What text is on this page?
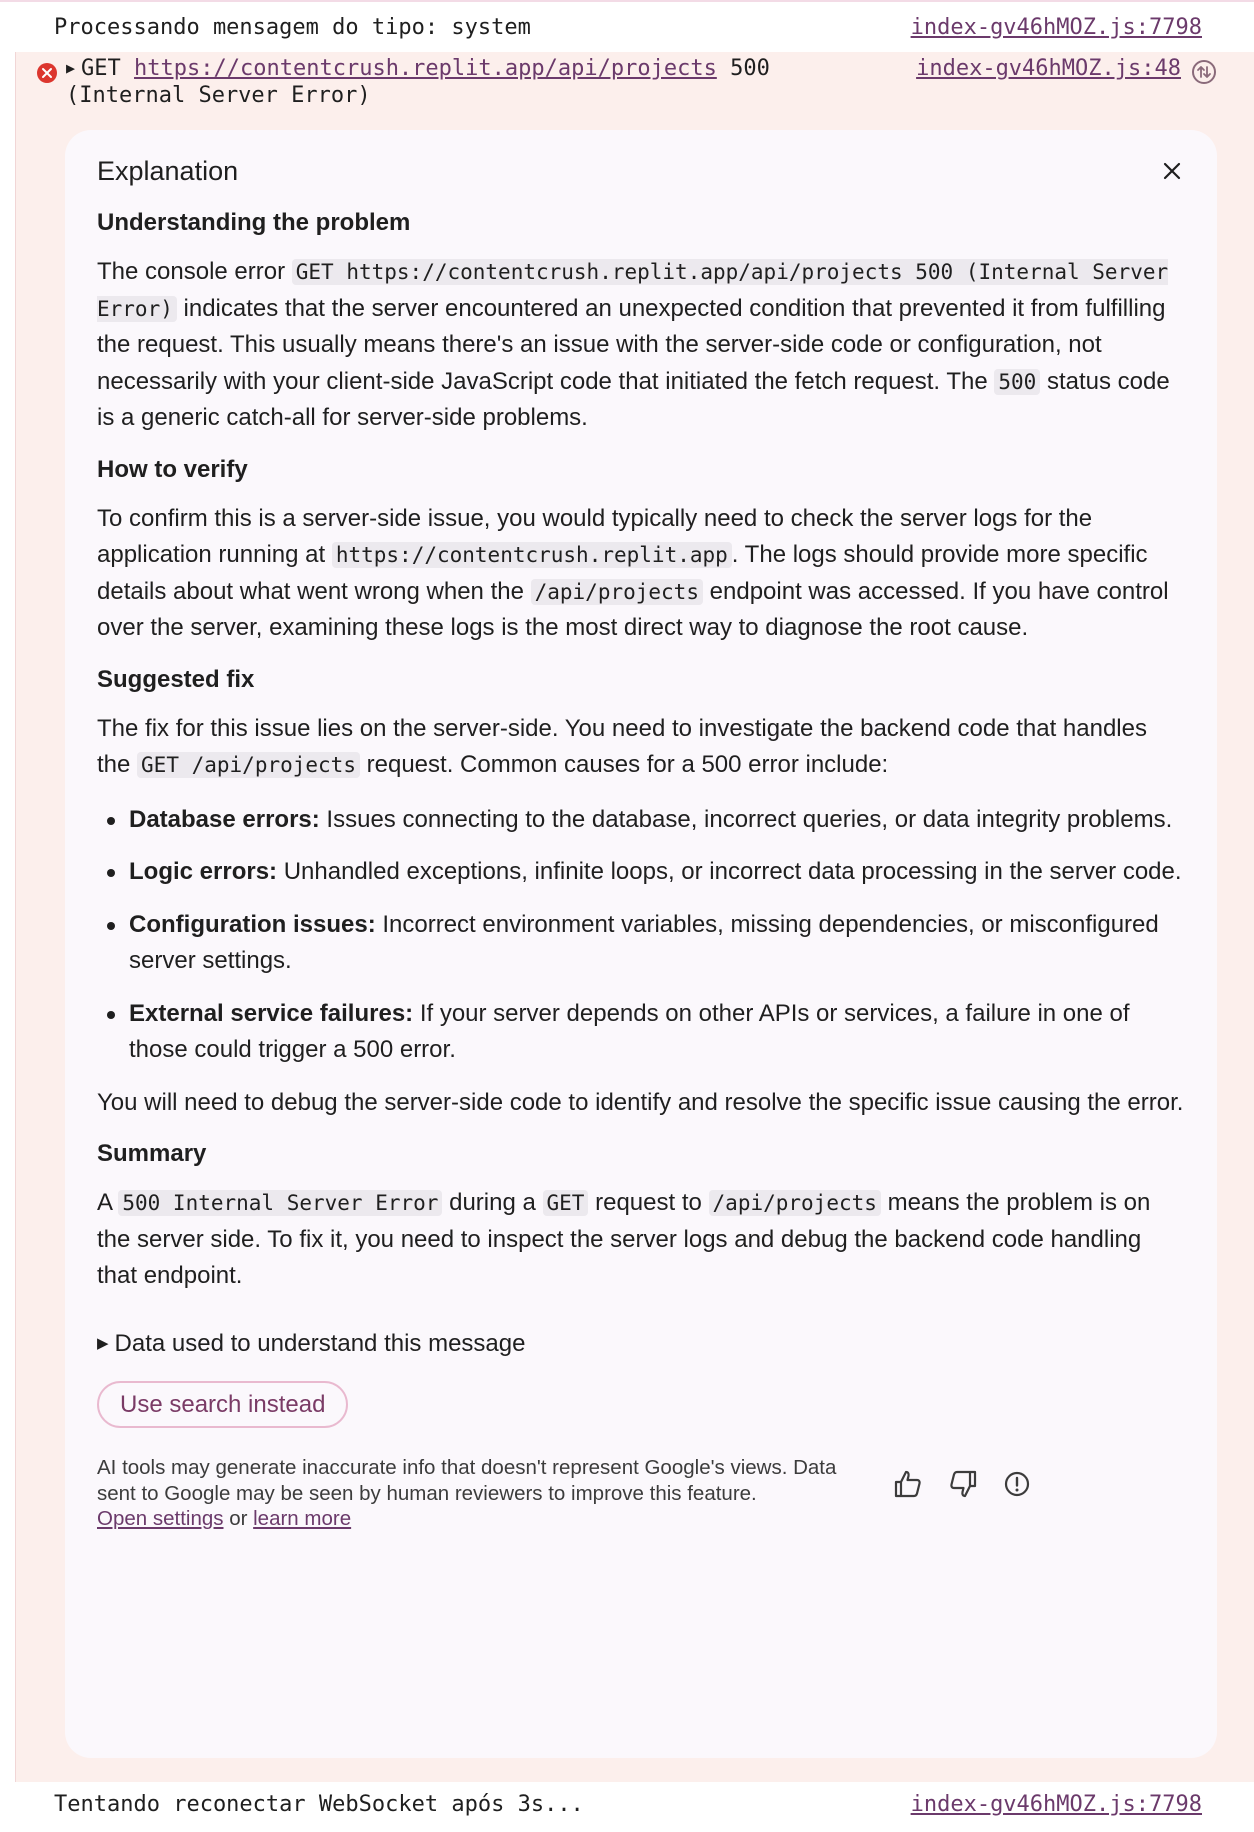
Processando mensagem do tipo: system	index-gv46hMOZ.js:7798
▶ GET https://contentcrush.replit.app/api/projects 500
(Internal Server Error)
index-gv46hMOZ.js:48
Explanation
Understanding the problem

The console error GET https://contentcrush.replit.app/api/projects 500 (Internal Server Error) indicates that the server encountered an unexpected condition that prevented it from fulfilling the request. This usually means there's an issue with the server-side code or configuration, not necessarily with your client-side JavaScript code that initiated the fetch request. The 500 status code is a generic catch-all for server-side problems.

How to verify

To confirm this is a server-side issue, you would typically need to check the server logs for the application running at https://contentcrush.replit.app . The logs should provide more specific details about what went wrong when the /api/projects endpoint was accessed. If you have control over the server, examining these logs is the most direct way to diagnose the root cause.

Suggested fix

The fix for this issue lies on the server-side. You need to investigate the backend code that handles the GET /api/projects request. Common causes for a 500 error include:

Database errors: Issues connecting to the database, incorrect queries, or data integrity problems.
Logic errors: Unhandled exceptions, infinite loops, or incorrect data processing in the server code.
Configuration issues: Incorrect environment variables, missing dependencies, or misconfigured server settings.
External service failures: If your server depends on other APIs or services, a failure in one of those could trigger a 500 error.

You will need to debug the server-side code to identify and resolve the specific issue causing the error.

Summary

A 500 Internal Server Error during a GET request to /api/projects means the problem is on the server side. To fix it, you need to inspect the server logs and debug the backend code handling that endpoint.

▶ Data used to understand this message
Use search instead
AI tools may generate inaccurate info that doesn't represent Google's views. Data sent to Google may be seen by human reviewers to improve this feature.
Open settings or learn more
Tentando reconectar WebSocket após 3s...	index-gv46hMOZ.js:7798
